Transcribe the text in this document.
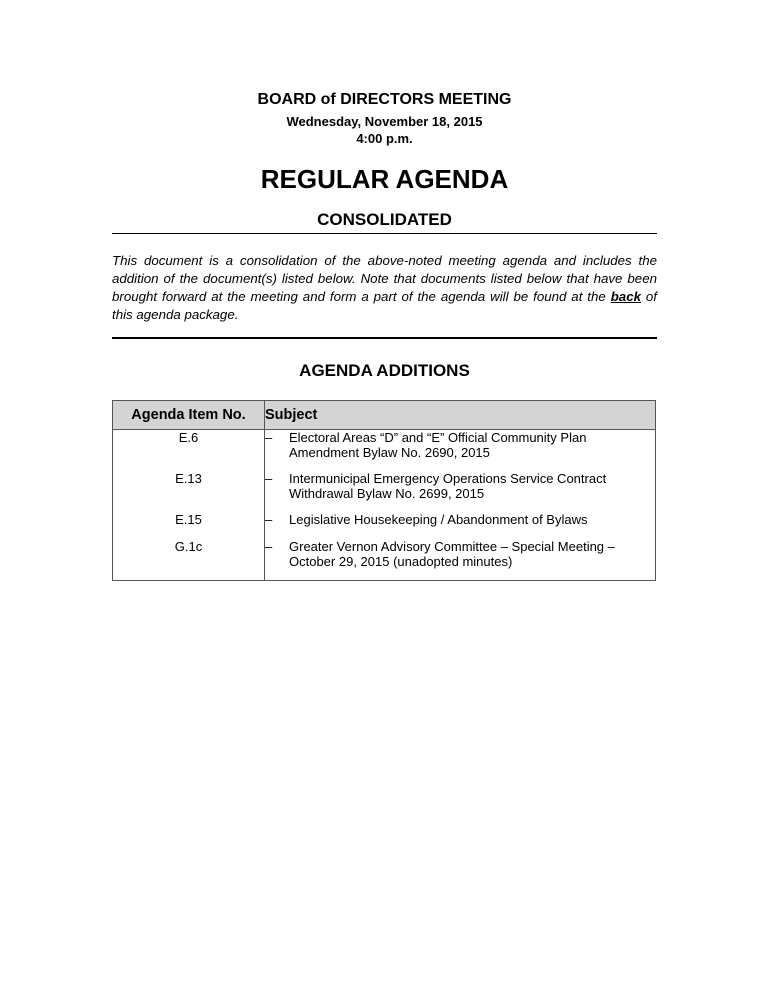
BOARD of DIRECTORS MEETING
Wednesday, November 18, 2015
4:00 p.m.
REGULAR AGENDA
CONSOLIDATED

This document is a consolidation of the above-noted meeting agenda and includes the addition of the document(s) listed below. Note that documents listed below that have been brought forward at the meeting and form a part of the agenda will be found at the back of this agenda package.

AGENDA ADDITIONS
Agenda Item No.	Subject
E.6	– Electoral Areas “D” and “E” Official Community Plan Amendment Bylaw No. 2690, 2015

E.13	– Intermunicipal Emergency Operations Service Contract Withdrawal Bylaw No. 2699, 2015

E.15	– Legislative Housekeeping / Abandonment of Bylaws

G.1c	– Greater Vernon Advisory Committee – Special Meeting – October 29, 2015 (unadopted minutes)
